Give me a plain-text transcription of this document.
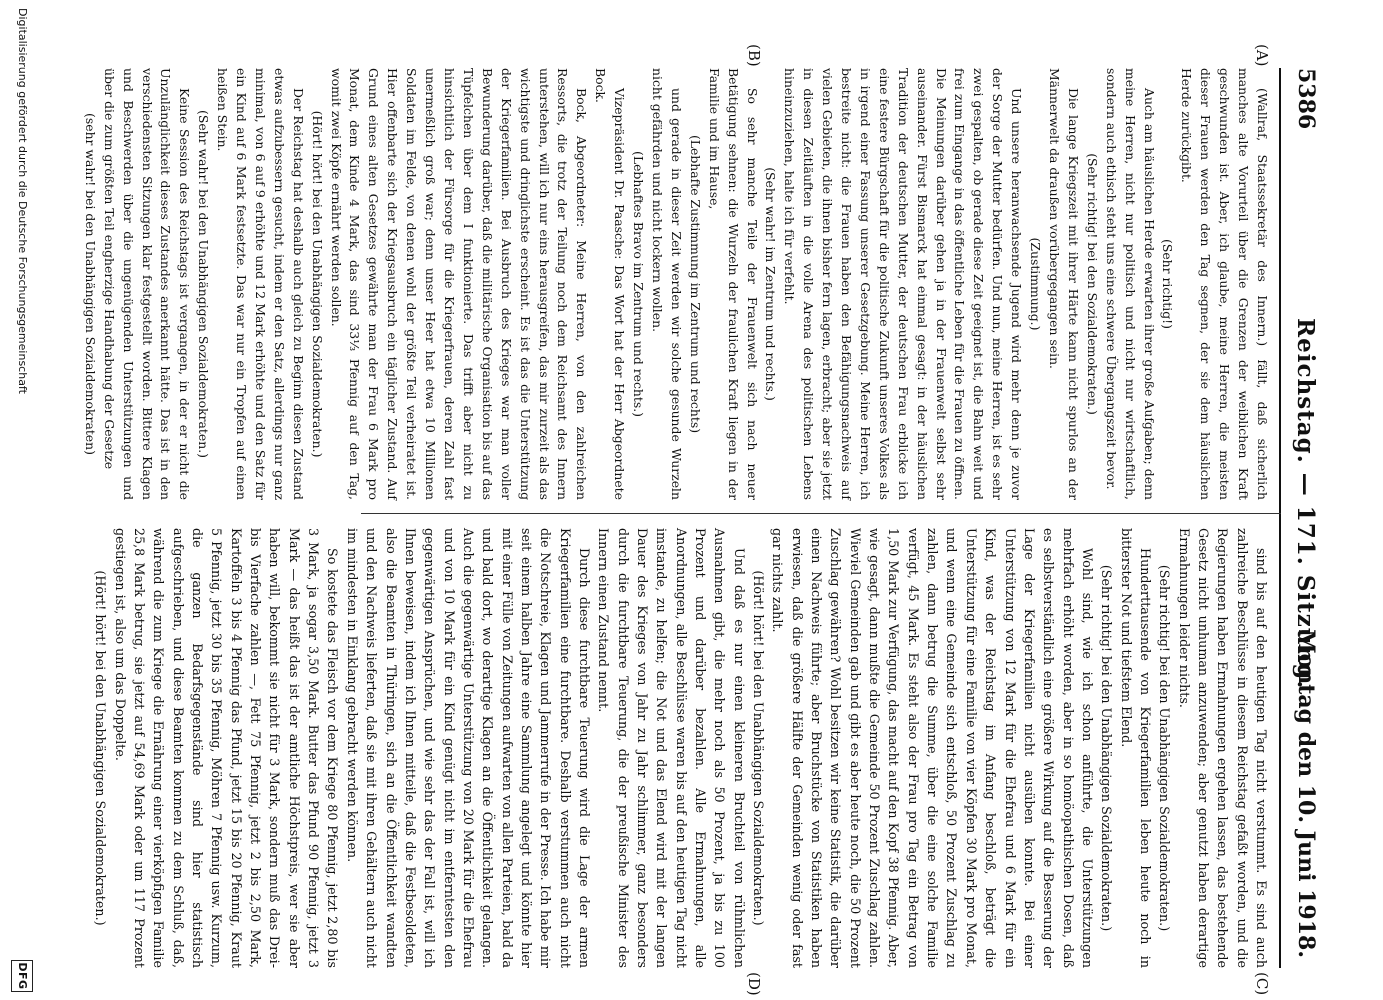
5386
Reichstag. — 171. Sitzung.
Montag den 10. Juni 1918.
(A)
(B)
(C)
(D)

(Wallraf, Staatssekretär des Innern.) fällt, daß sicherlich manches alte Vorurteil über die Grenzen der weiblichen Kraft geschwunden ist. Aber, ich glaube, meine Herren, die meisten dieser Frauen werden den Tag segnen, der sie dem häuslichen Herde zurückgibt.

(Sehr richtig!)

Auch am häuslichen Herde erwarten ihrer große Aufgaben; denn meine Herren, nicht nur politisch und nicht nur wirtschaftlich, sondern auch ethisch steht uns eine schwere Übergangszeit bevor.

(Sehr richtig! bei den Sozialdemokraten.)

Die lange Kriegszeit mit ihrer Härte kann nicht spurlos an der Männerwelt da draußen vorübergegangen sein.

(Zustimmung.)

Und unsere heranwachsende Jugend wird mehr denn je zuvor der Sorge der Mutter bedürfen. Und nun, meine Herren, ist es sehr zwei gespalten, ob gerade diese Zeit geeignet ist, die Bahn weit und frei zum Eingange in das öffentliche Leben für die Frauen zu öffnen. Die Meinungen darüber gehen ja in der Frauenwelt selbst sehr auseinander. Fürst Bismarck hat einmal gesagt: in der häuslichen Tradition der deutschen Mutter, der deutschen Frau erblicke ich eine festere Bürgschaft für die politische Zukunft unseres Volkes als in irgend einer Fassung unserer Gesetzgebung. Meine Herren, ich bestreite nicht: die Frauen haben den Befähigungsnachweis auf vielen Gebieten, die ihnen bisher fern lagen, erbracht; aber sie jetzt in diesen Zeitläuften in die volle Arena des politischen Lebens hineinzuziehen, halte ich für verfehlt.

(Sehr wahr! im Zentrum und rechts.)

So sehr manche Teile der Frauenwelt sich nach neuer Betätigung sehnen: die Wurzeln der fraulichen Kraft liegen in der Familie und im Hause,

(Lebhafte Zustimmung im Zentrum und rechts)

und gerade in dieser Zeit werden wir solche gesunde Wurzeln nicht gefährden und nicht lockern wollen.

(Lebhaftes Bravo im Zentrum und rechts.)

Vizepräsident Dr. Paasche: Das Wort hat der Herr Abgeordnete Bock.

Bock, Abgeordneter: Meine Herren, von den zahlreichen Ressorts, die trotz der Teilung noch dem Reichsamt des Innern unterstehen, will ich nur eins herausgreifen, das mir zurzeit als das wichtigste und dringlichste erscheint. Es ist das die Unterstützung der Kriegerfamilien. Bei Ausbruch des Krieges war man voller Bewunderung darüber, daß die militärische Organisation bis auf das Tüpfelchen über dem I funktionierte. Das trifft aber nicht zu hinsichtlich der Fürsorge für die Kriegerfrauen, deren Zahl fast unermeßlich groß war; denn unser Heer hat etwa 10 Millionen Soldaten im Felde, von denen wohl der größte Teil verheiratet ist. Hier offenbarte sich der Kriegsausbruch ein täglicher Zustand. Auf Grund eines alten Gesetzes gewährte man der Frau 6 Mark pro Monat, dem Kinde 4 Mark, das sind 33⅓ Pfennig auf den Tag, womit zwei Köpfe ernährt werden sollen.

(Hört! hört! bei den Unabhängigen Sozialdemokraten.)

Der Reichstag hat deshalb auch gleich zu Beginn diesen Zustand etwas aufzubessern gesucht, indem er den Satz, allerdings nur ganz minimal, von 6 auf 9 erhöhte und 12 Mark erhöhte und den Satz für ein Kind auf 6 Mark festsetzte. Das war nur ein Tropfen auf einen heißen Stein.

(Sehr wahr! bei den Unabhängigen Sozialdemokraten.)

Keine Session des Reichstags ist vergangen, in der er nicht die Unzulänglichkeit dieses Zustandes anerkannt hätte. Das ist in den verschiedensten Sitzungen klar festgestellt worden. Bittere Klagen und Beschwerden über die ungenügenden Unterstützungen und über die zum größten Teil engherzige Handhabung der Gesetze

(sehr wahr! bei den Unabhängigen Sozialdemokraten)

sind bis auf den heutigen Tag nicht verstummt. Es sind auch zahlreiche Beschlüsse in diesem Reichstag gefaßt worden, und die Regierungen haben Ermahnungen ergehen lassen, das bestehende Gesetz nicht unhuman anzuwenden; aber genutzt haben derartige Ermahnungen leider nichts.

(Sehr richtig! bei den Unabhängigen Sozialdemokraten.)

Hunderttausende von Kriegerfamilien leben heute noch in bitterster Not und tiefstem Elend.

(Sehr richtig! bei den Unabhängigen Sozialdemokraten.)

Wohl sind, wie ich schon anführte, die Unterstützungen mehrfach erhöht worden, aber in so homöopathischen Dosen, daß es selbstverständlich eine größere Wirkung auf die Besserung der Lage der Kriegerfamilien nicht ausüben konnte. Bei einer Unterstützung von 12 Mark für die Ehefrau und 6 Mark für ein Kind, was der Reichstag im Anfang beschloß, beträgt die Unterstützung für eine Familie von vier Köpfen 30 Mark pro Monat, und wenn eine Gemeinde sich entschloß, 50 Prozent Zuschlag zu zahlen, dann betrug die Summe, über die eine solche Familie verfügt, 45 Mark. Es steht also der Frau pro Tag ein Betrag von 1,50 Mark zur Verfügung, das macht auf den Kopf 38 Pfennig. Aber, wie gesagt, dann mußte die Gemeinde 50 Prozent Zuschlag zahlen. Wieviel Gemeinden gab und gibt es aber heute noch, die 50 Prozent Zuschlag gewähren? Wohl besitzen wir keine Statistik, die darüber einen Nachweis führte; aber Bruchstücke von Statistiken haben erwiesen, daß die größere Hälfte der Gemeinden wenig oder fast gar nichts zahlt.

(Hört! hört! bei den Unabhängigen Sozialdemokraten.)

Und daß es nur einen kleineren Bruchteil von rühmlichen Ausnahmen gibt, die mehr noch als 50 Prozent, ja bis zu 100 Prozent und darüber bezahlen. Alle Ermahnungen, alle Anordnungen, alle Beschlüsse waren bis auf den heutigen Tag nicht imstande, zu helfen; die Not und das Elend wird mit der langen Dauer des Krieges von Jahr zu Jahr schlimmer, ganz besonders durch die furchtbare Teuerung, die der preußische Minister des Innern einen Zustand nennt.

Durch diese furchtbare Teuerung wird die Lage der armen Kriegerfamilien eine furchtbare. Deshalb verstummen auch nicht die Notschreie, Klagen und Jammerrufe in der Presse. Ich habe mir seit einem halben Jahre eine Sammlung angelegt und könnte hier mit einer Fülle von Zeitungen aufwarten von allen Parteien, bald da und bald dort, wo derartige Klagen an die Öffentlichkeit gelangen. Auch die gegenwärtige Unterstützung von 20 Mark für die Ehefrau und von 10 Mark für ein Kind genügt nicht im entferntesten den gegenwärtigen Ansprüchen, und wie sehr das der Fall ist, will ich Ihnen beweisen, indem ich Ihnen mitteile, daß die Festbesoldeten, also die Beamten in Thüringen, sich an die Öffentlichkeit wandten und den Nachweis lieferten, daß sie mit ihren Gehältern auch nicht im mindesten in Einklang gebracht werden können.

So kostete das Fleisch vor dem Kriege 80 Pfennig, jetzt 2,80 bis 3 Mark, ja sogar 3,50 Mark. Butter das Pfund 90 Pfennig, jetzt 3 Mark — das heißt das ist der amtliche Höchstpreis, wer sie aber haben will, bekommt sie nicht für 3 Mark, sondern muß das Drei- bis Vierfache zahlen —, Fett 75 Pfennig, jetzt 2 bis 2,50 Mark, Kartoffeln 3 bis 4 Pfennig das Pfund, jetzt 15 bis 20 Pfennig, Kraut 5 Pfennig, jetzt 30 bis 35 Pfennig, Möhren 7 Pfennig usw. Kurzum, die ganzen Bedarfsgegenstände sind hier statistisch aufgeschrieben, und diese Beamten kommen zu dem Schluß, daß, während die zum Kriege die Ernährung einer vierköpfigen Familie 25,8 Mark betrug, sie jetzt auf 54,69 Mark oder um 117 Prozent gestiegen ist, also um das Doppelte.

(Hört! hört! bei den Unabhängigen Sozialdemokraten.)

Digitalisierung gefördert durch die Deutsche Forschungsgemeinschaft
DFG
